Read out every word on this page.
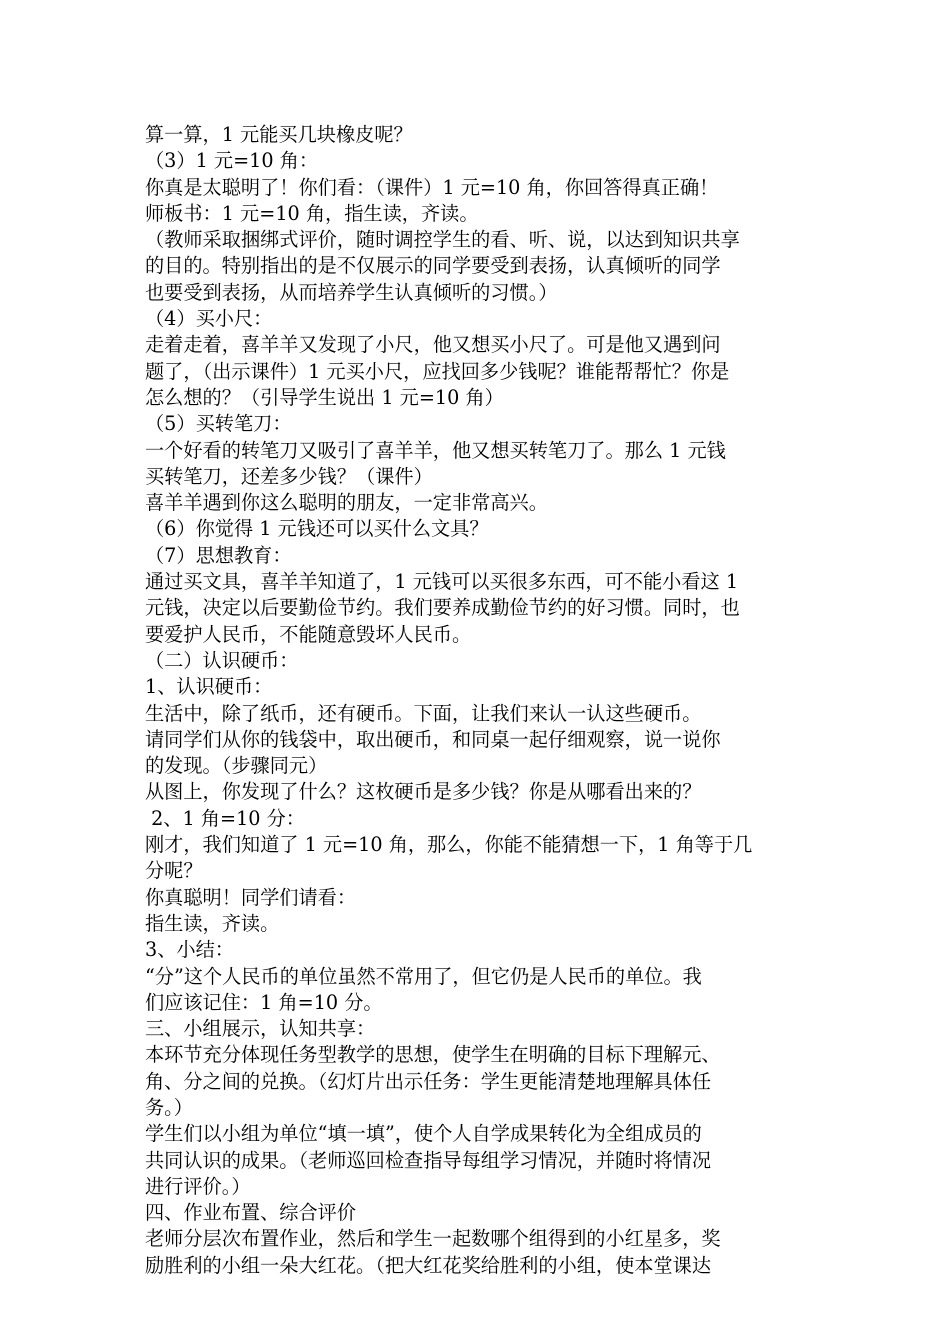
算一算，1 元能买几块橡皮呢？
（3）1 元=10 角：
你真是太聪明了！你们看：（课件）1 元=10 角，你回答得真正确！
师板书：1 元=10 角，指生读，齐读。
（教师采取捆绑式评价，随时调控学生的看、听、说，以达到知识共享
的目的。特别指出的是不仅展示的同学要受到表扬，认真倾听的同学
也要受到表扬，从而培养学生认真倾听的习惯。）
（4）买小尺：
走着走着，喜羊羊又发现了小尺，他又想买小尺了。可是他又遇到问
题了，（出示课件）1 元买小尺，应找回多少钱呢？谁能帮帮忙？你是
怎么想的？（引导学生说出 1 元=10 角）
（5）买转笔刀：
一个好看的转笔刀又吸引了喜羊羊，他又想买转笔刀了。那么 1 元钱
买转笔刀，还差多少钱？（课件）
喜羊羊遇到你这么聪明的朋友，一定非常高兴。
（6）你觉得 1 元钱还可以买什么文具？
（7）思想教育：
通过买文具，喜羊羊知道了，1 元钱可以买很多东西，可不能小看这 1
元钱，决定以后要勤俭节约。我们要养成勤俭节约的好习惯。同时，也
要爱护人民币，不能随意毁坏人民币。
（二）认识硬币：
1、认识硬币：
生活中，除了纸币，还有硬币。下面，让我们来认一认这些硬币。
请同学们从你的钱袋中，取出硬币，和同桌一起仔细观察，说一说你
的发现。（步骤同元）
从图上，你发现了什么？这枚硬币是多少钱？你是从哪看出来的？
2、1 角=10 分：
刚才，我们知道了 1 元=10 角，那么，你能不能猜想一下，1 角等于几
分呢？
你真聪明！同学们请看：
指生读，齐读。
3、小结：
“分”这个人民币的单位虽然不常用了，但它仍是人民币的单位。我
们应该记住：1 角=10 分。
三、小组展示，认知共享：
本环节充分体现任务型教学的思想，使学生在明确的目标下理解元、
角、分之间的兑换。（幻灯片出示任务：学生更能清楚地理解具体任
务。）
学生们以小组为单位“填一填”，使个人自学成果转化为全组成员的
共同认识的成果。（老师巡回检查指导每组学习情况，并随时将情况
进行评价。）
四、作业布置、综合评价
老师分层次布置作业，然后和学生一起数哪个组得到的小红星多，奖
励胜利的小组一朵大红花。（把大红花奖给胜利的小组，使本堂课达
